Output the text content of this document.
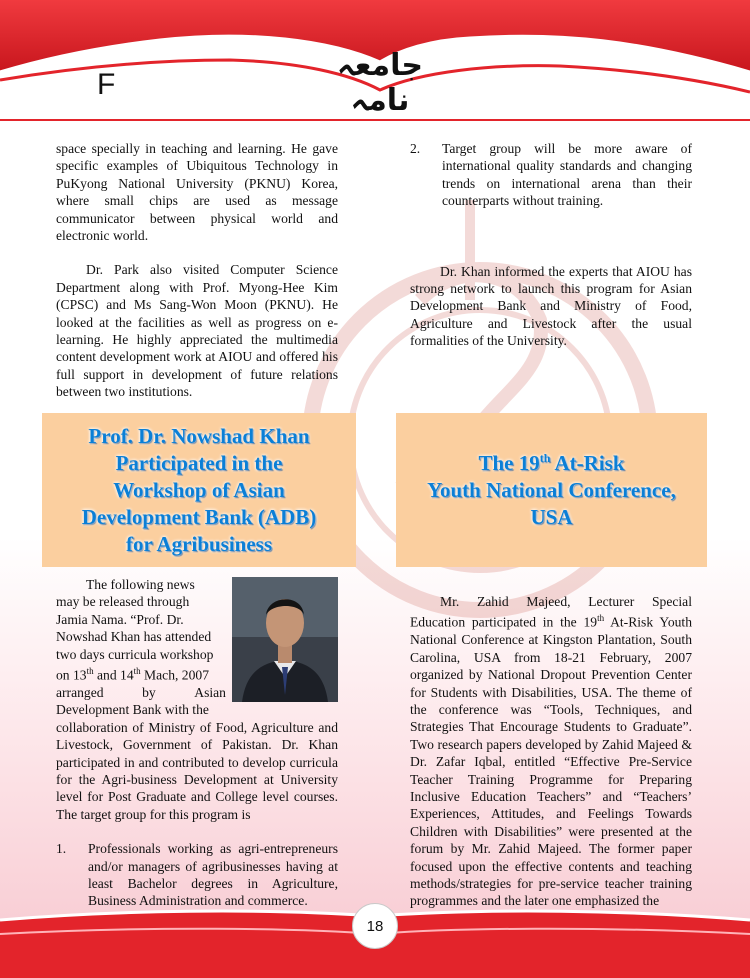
F
جامعہ نامہ

space specially in teaching and learning. He gave specific examples of Ubiquitous Technology in PuKyong National University (PKNU) Korea, where small chips are used as message communicator between physical world and electronic world.

Dr. Park also visited Computer Science Department along with Prof. Myong-Hee Kim (CPSC) and Ms Sang-Won Moon (PKNU). He looked at the facilities as well as progress on e-learning. He highly appreciated the multimedia content development work at AIOU and offered his full support in development of future relations between two institutions.

2.	Target group will be more aware of international quality standards and changing trends on international arena than their counterparts without training.

Dr. Khan informed the experts that AIOU has strong network to launch this program for Asian Development Bank and Ministry of Food, Agriculture and Livestock after the usual formalities of the University.

Prof. Dr. Nowshad Khan
Participated in the
Workshop of Asian
Development Bank (ADB)
for Agribusiness
The 19th At-Risk
Youth National Conference,
USA

The following news

may be released through

Jamia Nama. “Prof. Dr.

Nowshad Khan has attended

two days curricula workshop

on 13th and 14th Mach, 2007

arranged	by	Asian

Development Bank with the

collaboration of Ministry of Food, Agriculture and Livestock, Government of Pakistan. Dr. Khan participated in and contributed to develop curricula for the Agri-business Development at University level for Post Graduate and College level courses. The target group for this program is

1.	Professionals working as agri-entrepreneurs and/or managers of agribusinesses having at least Bachelor degrees in Agriculture, Business Administration and commerce.

Mr. Zahid Majeed, Lecturer Special Education participated in the 19th At-Risk Youth National Conference at Kingston Plantation, South Carolina, USA from 18-21 February, 2007 organized by National Dropout Prevention Center for Students with Disabilities, USA. The theme of the conference was “Tools, Techniques, and Strategies That Encourage Students to Graduate”. Two research papers developed by Zahid Majeed & Dr. Zafar Iqbal, entitled “Effective Pre-Service Teacher Training Programme for Preparing Inclusive Education Teachers” and “Teachers’ Experiences, Attitudes, and Feelings Towards Children with Disabilities” were presented at the forum by Mr. Zahid Majeed. The former paper focused upon the effective contents and teaching methods/strategies for pre-service teacher training programmes and the later one emphasized the

18
